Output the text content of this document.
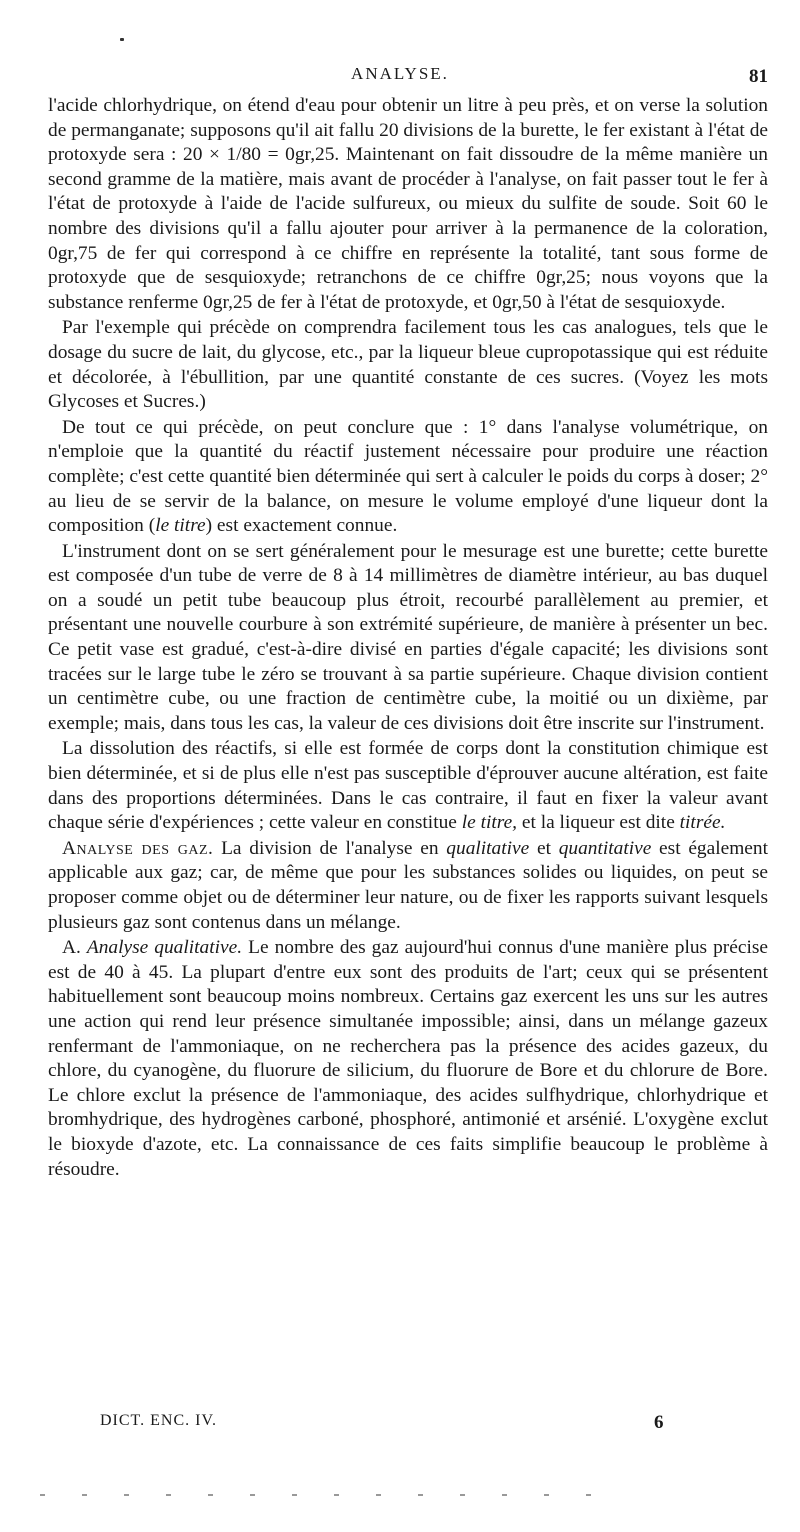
ANALYSE.	81

l'acide chlorhydrique, on étend d'eau pour obtenir un litre à peu près, et on verse la solution de permanganate; supposons qu'il ait fallu 20 divisions de la burette, le fer existant à l'état de protoxyde sera : 20 × 1/80 = 0gr,25. Maintenant on fait dissoudre de la même manière un second gramme de la matière, mais avant de procéder à l'analyse, on fait passer tout le fer à l'état de protoxyde à l'aide de l'acide sulfureux, ou mieux du sulfite de soude. Soit 60 le nombre des divisions qu'il a fallu ajouter pour arriver à la permanence de la coloration, 0gr,75 de fer qui correspond à ce chiffre en représente la totalité, tant sous forme de protoxyde que de sesquioxyde; retranchons de ce chiffre 0gr,25; nous voyons que la substance renferme 0gr,25 de fer à l'état de protoxyde, et 0gr,50 à l'état de sesquioxyde.

Par l'exemple qui précède on comprendra facilement tous les cas analogues, tels que le dosage du sucre de lait, du glycose, etc., par la liqueur bleue cupropotassique qui est réduite et décolorée, à l'ébullition, par une quantité constante de ces sucres. (Voyez les mots Glycoses et Sucres.)

De tout ce qui précède, on peut conclure que : 1° dans l'analyse volumétrique, on n'emploie que la quantité du réactif justement nécessaire pour produire une réaction complète; c'est cette quantité bien déterminée qui sert à calculer le poids du corps à doser; 2° au lieu de se servir de la balance, on mesure le volume employé d'une liqueur dont la composition (le titre) est exactement connue.

L'instrument dont on se sert généralement pour le mesurage est une burette; cette burette est composée d'un tube de verre de 8 à 14 millimètres de diamètre intérieur, au bas duquel on a soudé un petit tube beaucoup plus étroit, recourbé parallèlement au premier, et présentant une nouvelle courbure à son extrémité supérieure, de manière à présenter un bec. Ce petit vase est gradué, c'est-à-dire divisé en parties d'égale capacité; les divisions sont tracées sur le large tube le zéro se trouvant à sa partie supérieure. Chaque division contient un centimètre cube, ou une fraction de centimètre cube, la moitié ou un dixième, par exemple; mais, dans tous les cas, la valeur de ces divisions doit être inscrite sur l'instrument.

La dissolution des réactifs, si elle est formée de corps dont la constitution chimique est bien déterminée, et si de plus elle n'est pas susceptible d'éprouver aucune altération, est faite dans des proportions déterminées. Dans le cas contraire, il faut en fixer la valeur avant chaque série d'expériences ; cette valeur en constitue le titre, et la liqueur est dite titrée.

Analyse des gaz. La division de l'analyse en qualitative et quantitative est également applicable aux gaz; car, de même que pour les substances solides ou liquides, on peut se proposer comme objet ou de déterminer leur nature, ou de fixer les rapports suivant lesquels plusieurs gaz sont contenus dans un mélange.

A. Analyse qualitative. Le nombre des gaz aujourd'hui connus d'une manière plus précise est de 40 à 45. La plupart d'entre eux sont des produits de l'art; ceux qui se présentent habituellement sont beaucoup moins nombreux. Certains gaz exercent les uns sur les autres une action qui rend leur présence simultanée impossible; ainsi, dans un mélange gazeux renfermant de l'ammoniaque, on ne recherchera pas la présence des acides gazeux, du chlore, du cyanogène, du fluorure de silicium, du fluorure de Bore et du chlorure de Bore. Le chlore exclut la présence de l'ammoniaque, des acides sulfhydrique, chlorhydrique et bromhydrique, des hydrogènes carboné, phosphoré, antimonié et arsénié. L'oxygène exclut le bioxyde d'azote, etc. La connaissance de ces faits simplifie beaucoup le problème à résoudre.

DICT. ENC. IV.	6
